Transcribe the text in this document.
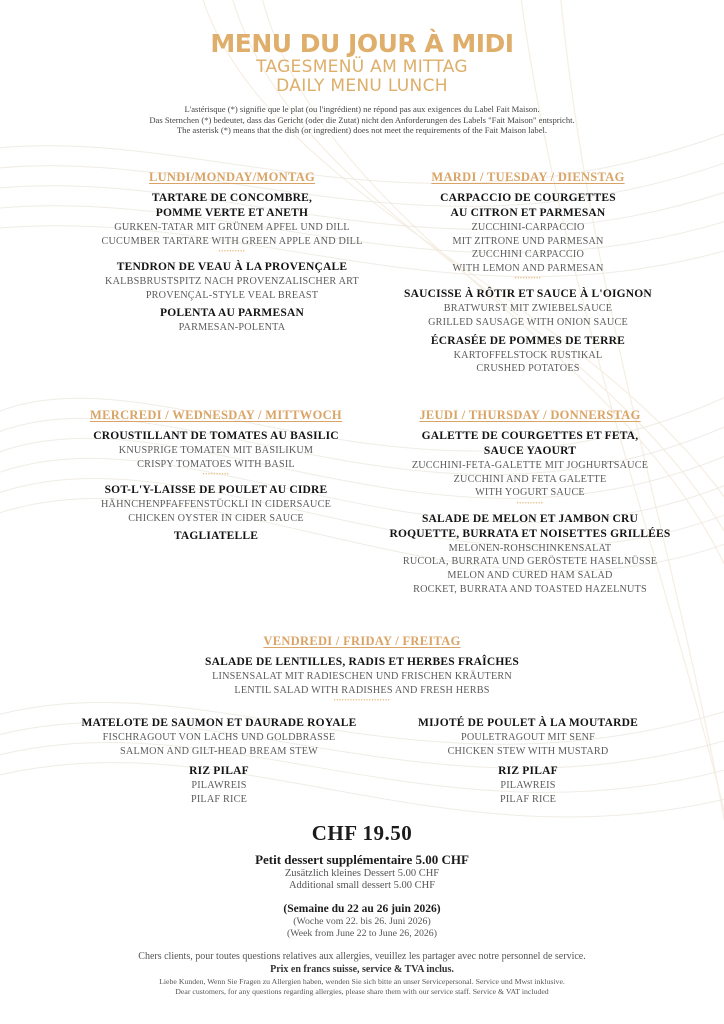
MENU DU JOUR À MIDI
TAGESMENÜ AM MITTAG
DAILY MENU LUNCH
L'astérisque (*) signifie que le plat (ou l'ingrédient) ne répond pas aux exigences du Label Fait Maison.
Das Sternchen (*) bedeutet, dass das Gericht (oder die Zutat) nicht den Anforderungen des Labels "Fait Maison" entspricht.
The asterisk (*) means that the dish (or ingredient) does not meet the requirements of the Fait Maison label.
LUNDI/MONDAY/MONTAG
TARTARE DE CONCOMBRE,
POMME VERTE ET ANETH
GURKEN-TATAR MIT GRÜNEM APFEL UND DILL
CUCUMBER TARTARE WITH GREEN APPLE AND DILL
••••••••••
TENDRON DE VEAU À LA PROVENÇALE
KALBSBRUSTSPITZ NACH PROVENZALISCHER ART
PROVENÇAL-STYLE VEAL BREAST
POLENTA AU PARMESAN
PARMESAN-POLENTA
MARDI / TUESDAY / DIENSTAG
CARPACCIO DE COURGETTES
AU CITRON ET PARMESAN
ZUCCHINI-CARPACCIO
MIT ZITRONE UND PARMESAN
ZUCCHINI CARPACCIO
WITH LEMON AND PARMESAN
••••••••••
SAUCISSE À RÔTIR ET SAUCE À L'OIGNON
BRATWURST MIT ZWIEBELSAUCE
GRILLED SAUSAGE WITH ONION SAUCE
ÉCRASÉE DE POMMES DE TERRE
KARTOFFELSTOCK RUSTIKAL
CRUSHED POTATOES
MERCREDI / WEDNESDAY / MITTWOCH
CROUSTILLANT DE TOMATES AU BASILIC
KNUSPRIGE TOMATEN MIT BASILIKUM
CRISPY TOMATOES WITH BASIL
••••••••••
SOT-L'Y-LAISSE DE POULET AU CIDRE
HÄHNCHENPFAFFENSTÜCKLI IN CIDERSAUCE
CHICKEN OYSTER IN CIDER SAUCE
TAGLIATELLE
JEUDI / THURSDAY / DONNERSTAG
GALETTE DE COURGETTES ET FETA,
SAUCE YAOURT
ZUCCHINI-FETA-GALETTE MIT JOGHURTSAUCE
ZUCCHINI AND FETA GALETTE
WITH YOGURT SAUCE
••••••••••
SALADE DE MELON ET JAMBON CRU
ROQUETTE, BURRATA ET NOISETTES GRILLÉES
MELONEN-ROHSCHINKENSALAT
RUCOLA, BURRATA UND GERÖSTETE HASELNÜSSE
MELON AND CURED HAM SALAD
ROCKET, BURRATA AND TOASTED HAZELNUTS
VENDREDI / FRIDAY / FREITAG
SALADE DE LENTILLES, RADIS ET HERBES FRAÎCHES
LINSENSALAT MIT RADIESCHEN UND FRISCHEN KRÄUTERN
LENTIL SALAD WITH RADISHES AND FRESH HERBS
•••••••••••••••••••••
MATELOTE DE SAUMON ET DAURADE ROYALE
FISCHRAGOUT VON LACHS UND GOLDBRASSE
SALMON AND GILT-HEAD BREAM STEW
RIZ PILAF
PILAWREIS
PILAF RICE
MIJOTÉ DE POULET À LA MOUTARDE
POULETRAGOUT MIT SENF
CHICKEN STEW WITH MUSTARD
RIZ PILAF
PILAWREIS
PILAF RICE
CHF 19.50
Petit dessert supplémentaire 5.00 CHF
Zusätzlich kleines Dessert 5.00 CHF
Additional small dessert 5.00 CHF
(Semaine du 22 au 26 juin 2026)
(Woche vom 22. bis 26. Juni 2026)
(Week from June 22 to June 26, 2026)
Chers clients, pour toutes questions relatives aux allergies, veuillez les partager avec notre personnel de service.
Prix en francs suisse, service & TVA inclus.
Liebe Kunden, Wenn Sie Fragen zu Allergien haben, wenden Sie sich bitte an unser Servicepersonal. Service und Mwst inklusive.
Dear customers, for any questions regarding allergies, please share them with our service staff. Service & VAT included
